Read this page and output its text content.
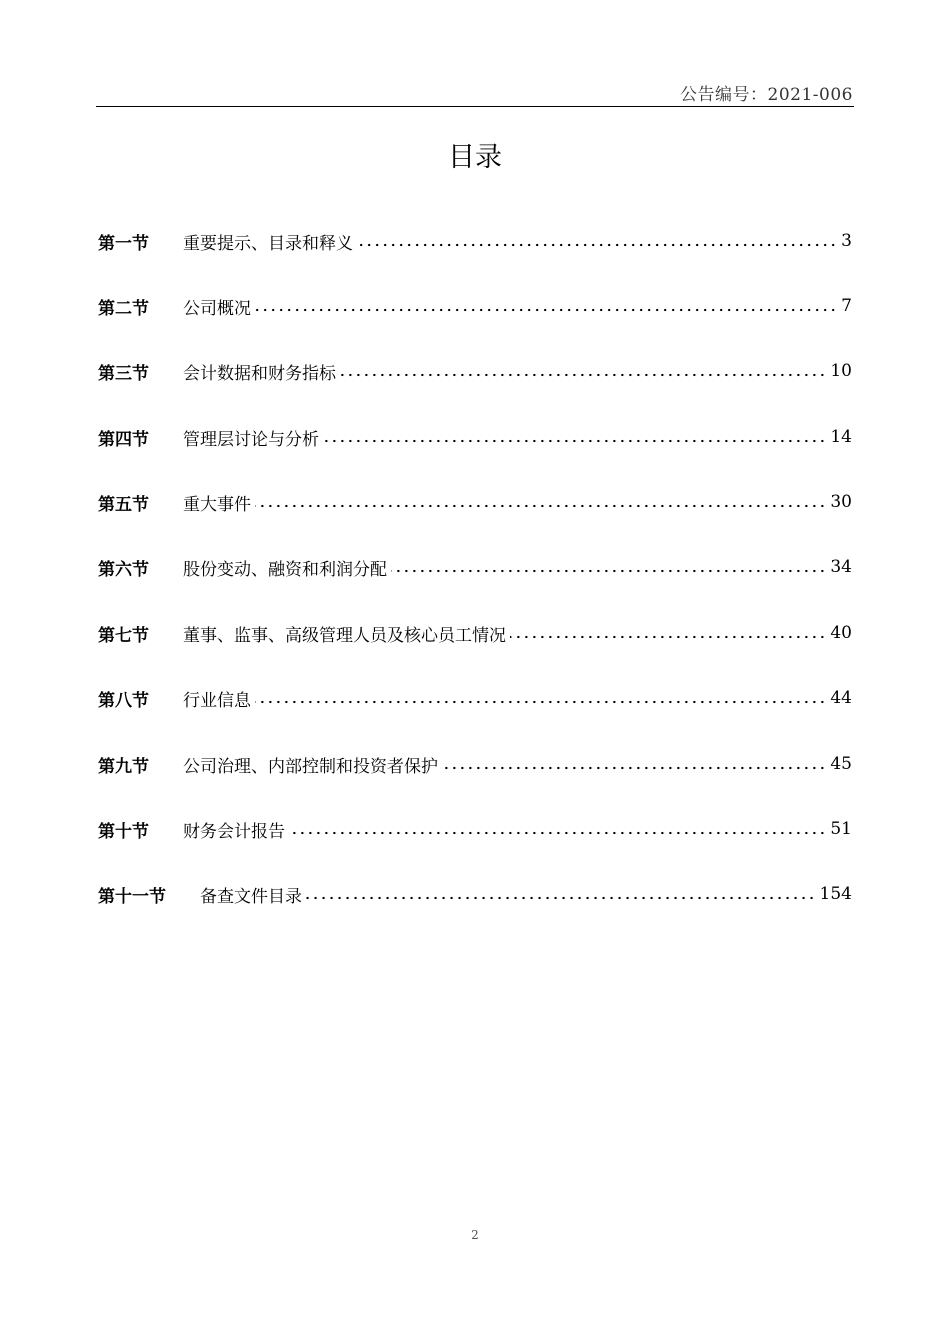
公告编号：2021-006
目录
第一节	重要提示、目录和释义	3
第二节	公司概况	7
第三节	会计数据和财务指标	10
第四节	管理层讨论与分析	14
第五节	重大事件	30
第六节	股份变动、融资和利润分配	34
第七节	董事、监事、高级管理人员及核心员工情况	40
第八节	行业信息	44
第九节	公司治理、内部控制和投资者保护	45
第十节	财务会计报告	51
第十一节	备查文件目录	154
2
